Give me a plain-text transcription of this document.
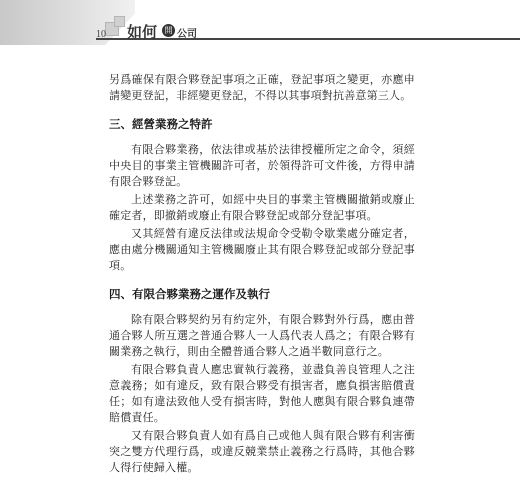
10 如何 開 公司

另爲確保有限合夥登記事項之正確，登記事項之變更，亦應申請變更登記，非經變更登記，不得以其事項對抗善意第三人。

三、經營業務之特許

有限合夥業務，依法律或基於法律授權所定之命令，須經中央目的事業主管機關許可者，於領得許可文件後，方得申請有限合夥登記。

上述業務之許可，如經中央目的事業主管機關撤銷或廢止確定者，即撤銷或廢止有限合夥登記或部分登記事項。

又其經營有違反法律或法規命令受勒令歇業處分確定者，應由處分機關通知主管機關廢止其有限合夥登記或部分登記事項。

四、有限合夥業務之運作及執行

除有限合夥契約另有約定外，有限合夥對外行爲，應由普通合夥人所互選之普通合夥人一人爲代表人爲之；有限合夥有關業務之執行，則由全體普通合夥人之過半數同意行之。

有限合夥負責人應忠實執行義務，並盡負善良管理人之注意義務；如有違反，致有限合夥受有損害者，應負損害賠償責任；如有違法致他人受有損害時，對他人應與有限合夥負連帶賠償責任。

又有限合夥負責人如有爲自己或他人與有限合夥有利害衝突之雙方代理行爲，或違反競業禁止義務之行爲時，其他合夥人得行使歸入權。
